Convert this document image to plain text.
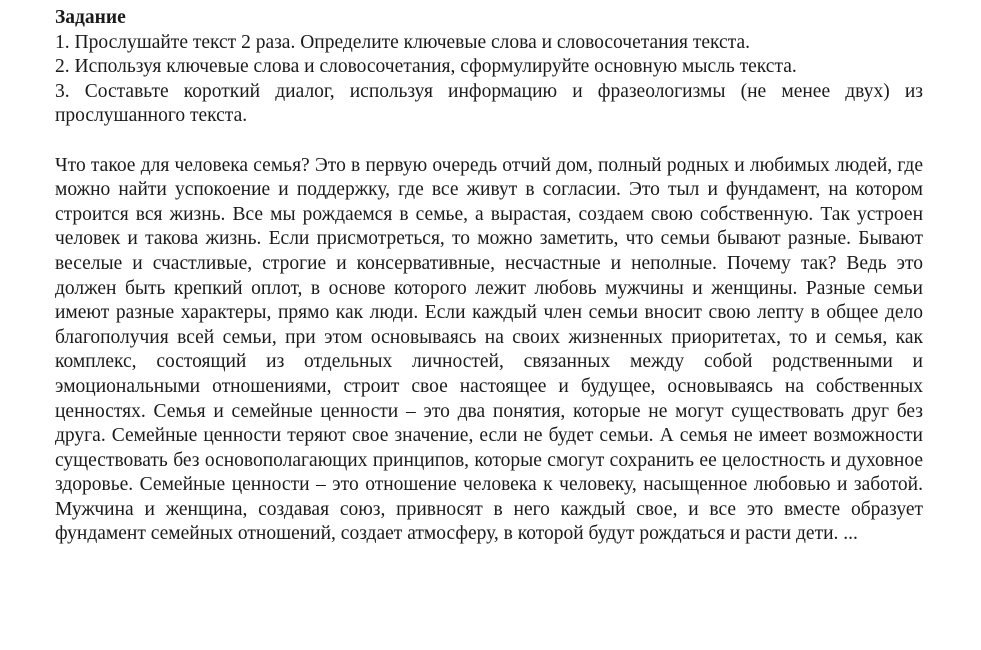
Задание

1. Прослушайте текст 2 раза. Определите ключевые слова и словосочетания текста.
2. Используя ключевые слова и словосочетания, сформулируйте основную мысль текста.
3. Составьте короткий диалог, используя информацию и фразеологизмы (не менее двух) из прослушанного текста.

Что такое для человека семья? Это в первую очередь отчий дом, полный родных и любимых людей, где можно найти успокоение и поддержку, где все живут в согласии. Это тыл и фундамент, на котором строится вся жизнь. Все мы рождаемся в семье, а вырастая, создаем свою собственную. Так устроен человек и такова жизнь. Если присмотреться, то можно заметить, что семьи бывают разные. Бывают веселые и счастливые, строгие и консервативные, несчастные и неполные. Почему так? Ведь это должен быть крепкий оплот, в основе которого лежит любовь мужчины и женщины. Разные семьи имеют разные характеры, прямо как люди. Если каждый член семьи вносит свою лепту в общее дело благополучия всей семьи, при этом основываясь на своих жизненных приоритетах, то и семья, как комплекс, состоящий из отдельных личностей, связанных между собой родственными и эмоциональными отношениями, строит свое настоящее и будущее, основываясь на собственных ценностях. Семья и семейные ценности – это два понятия, которые не могут существовать друг без друга. Семейные ценности теряют свое значение, если не будет семьи. А семья не имеет возможности существовать без основополагающих принципов, которые смогут сохранить ее целостность и духовное здоровье. Семейные ценности – это отношение человека к человеку, насыщенное любовью и заботой. Мужчина и женщина, создавая союз, привносят в него каждый свое, и все это вместе образует фундамент семейных отношений, создает атмосферу, в которой будут рождаться и расти дети. ...
